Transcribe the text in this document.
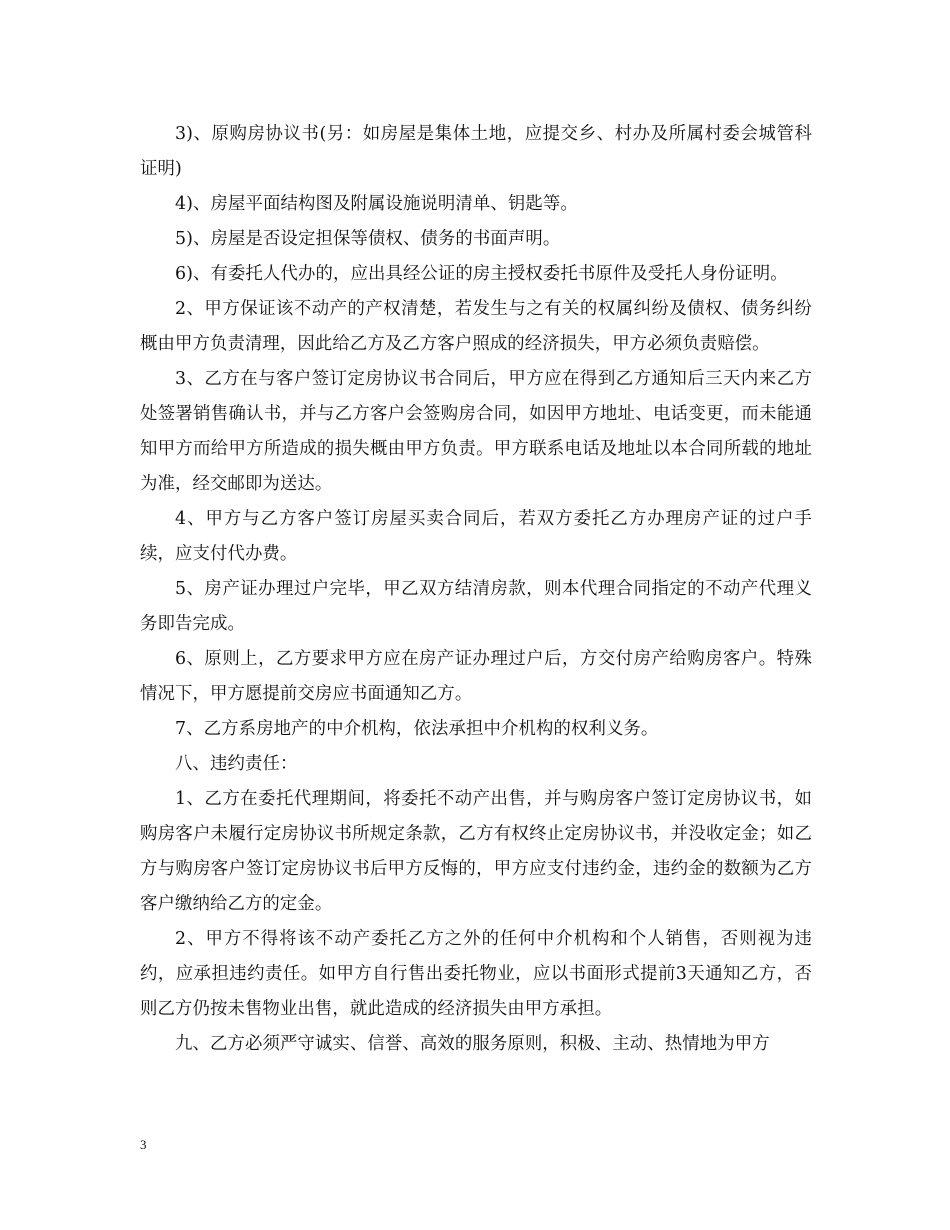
3)、原购房协议书(另：如房屋是集体土地，应提交乡、村办及所属村委会城管科证明)

4)、房屋平面结构图及附属设施说明清单、钥匙等。

5)、房屋是否设定担保等债权、债务的书面声明。

6)、有委托人代办的，应出具经公证的房主授权委托书原件及受托人身份证明。

2、甲方保证该不动产的产权清楚，若发生与之有关的权属纠纷及债权、债务纠纷概由甲方负责清理，因此给乙方及乙方客户照成的经济损失，甲方必须负责赔偿。

3、乙方在与客户签订定房协议书合同后，甲方应在得到乙方通知后三天内来乙方处签署销售确认书，并与乙方客户会签购房合同，如因甲方地址、电话变更，而未能通知甲方而给甲方所造成的损失概由甲方负责。甲方联系电话及地址以本合同所载的地址为准，经交邮即为送达。

4、甲方与乙方客户签订房屋买卖合同后，若双方委托乙方办理房产证的过户手续，应支付代办费。

5、房产证办理过户完毕，甲乙双方结清房款，则本代理合同指定的不动产代理义务即告完成。

6、原则上，乙方要求甲方应在房产证办理过户后，方交付房产给购房客户。特殊情况下，甲方愿提前交房应书面通知乙方。

7、乙方系房地产的中介机构，依法承担中介机构的权利义务。

八、违约责任：

1、乙方在委托代理期间，将委托不动产出售，并与购房客户签订定房协议书，如购房客户未履行定房协议书所规定条款，乙方有权终止定房协议书，并没收定金；如乙方与购房客户签订定房协议书后甲方反悔的，甲方应支付违约金，违约金的数额为乙方客户缴纳给乙方的定金。

2、甲方不得将该不动产委托乙方之外的任何中介机构和个人销售，否则视为违约，应承担违约责任。如甲方自行售出委托物业，应以书面形式提前3天通知乙方，否则乙方仍按未售物业出售，就此造成的经济损失由甲方承担。

九、乙方必须严守诚实、信誉、高效的服务原则，积极、主动、热情地为甲方

3
